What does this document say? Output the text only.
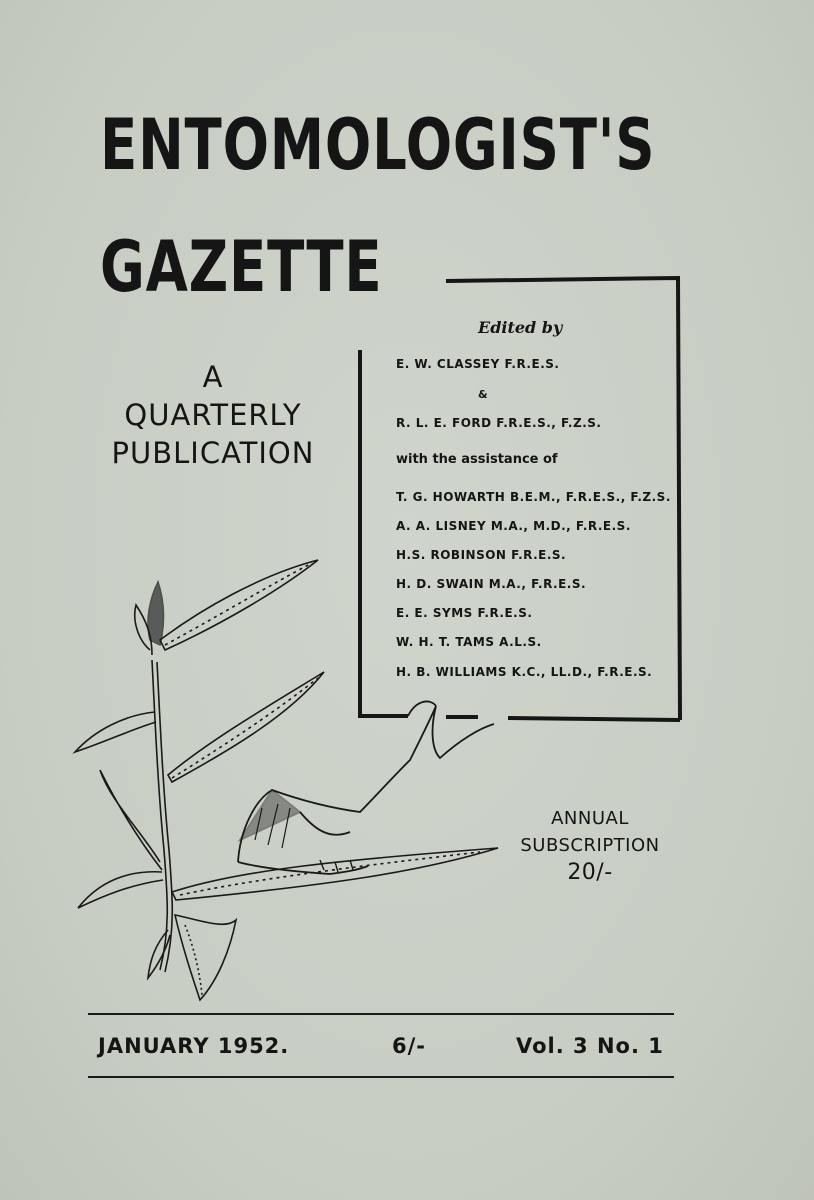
ENTOMOLOGIST'S
GAZETTE
A
QUARTERLY
PUBLICATION
Edited by
E. W. CLASSEY F.R.E.S.
&
R. L. E. FORD F.R.E.S., F.Z.S.
with the assistance of
T. G. HOWARTH B.E.M., F.R.E.S., F.Z.S.
A. A. LISNEY M.A., M.D., F.R.E.S.
H.S. ROBINSON F.R.E.S.
H. D. SWAIN M.A., F.R.E.S.
E. E. SYMS F.R.E.S.
W. H. T. TAMS A.L.S.
H. B. WILLIAMS K.C., LL.D., F.R.E.S.
ANNUAL
SUBSCRIPTION
20/-
JANUARY 1952.	6/-	Vol. 3 No. 1
